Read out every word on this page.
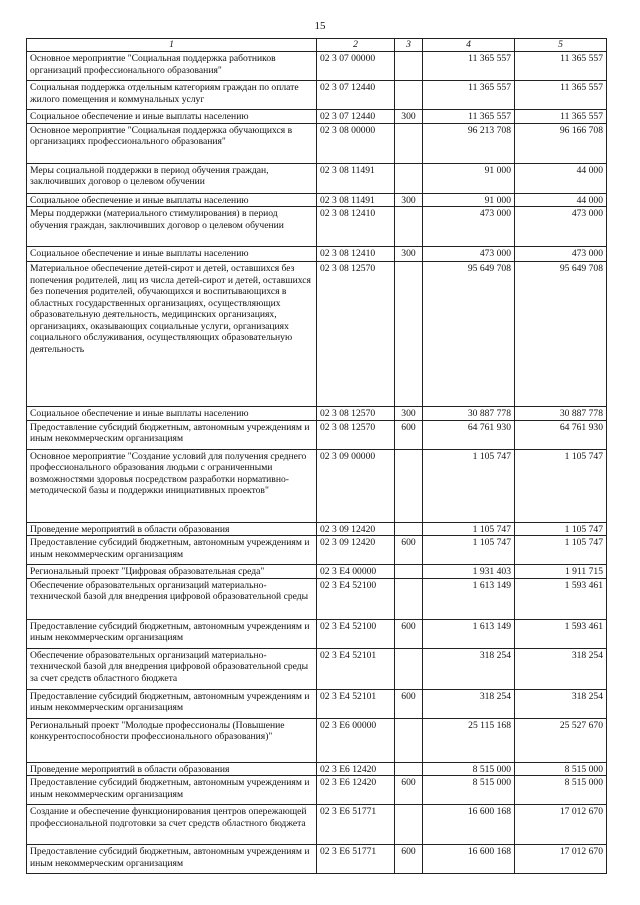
15
1	2	3	4	5
Основное мероприятие "Социальная поддержка работников организаций профессионального образования"	02 3 07 00000		11 365 557	11 365 557
Социальная поддержка отдельным категориям граждан по оплате жилого помещения и коммунальных услуг	02 3 07 12440		11 365 557	11 365 557
Социальное обеспечение и иные выплаты населению	02 3 07 12440	300	11 365 557	11 365 557
Основное мероприятие "Социальная поддержка обучающихся в организациях профессионального образования"	02 3 08 00000		96 213 708	96 166 708
Меры социальной поддержки в период обучения граждан, заключивших договор о целевом обучении	02 3 08 11491		91 000	44 000
Социальное обеспечение и иные выплаты населению	02 3 08 11491	300	91 000	44 000
Меры поддержки (материального стимулирования) в период обучения граждан, заключивших договор о целевом обучении	02 3 08 12410		473 000	473 000
Социальное обеспечение и иные выплаты населению	02 3 08 12410	300	473 000	473 000
Материальное обеспечение детей-сирот и детей, оставшихся без попечения родителей, лиц из числа детей-сирот и детей, оставшихся без попечения родителей, обучающихся и воспитывающихся в областных государственных организациях, осуществляющих образовательную деятельность, медицинских организациях, организациях, оказывающих социальные услуги, организациях социального обслуживания, осуществляющих образовательную деятельность	02 3 08 12570		95 649 708	95 649 708
Социальное обеспечение и иные выплаты населению	02 3 08 12570	300	30 887 778	30 887 778
Предоставление субсидий бюджетным, автономным учреждениям и иным некоммерческим организациям	02 3 08 12570	600	64 761 930	64 761 930
Основное мероприятие "Создание условий для получения среднего профессионального образования людьми с ограниченными возможностями здоровья посредством разработки нормативно-методической базы и поддержки инициативных проектов"	02 3 09 00000		1 105 747	1 105 747
Проведение мероприятий в области образования	02 3 09 12420		1 105 747	1 105 747
Предоставление субсидий бюджетным, автономным учреждениям и иным некоммерческим организациям	02 3 09 12420	600	1 105 747	1 105 747
Региональный проект "Цифровая образовательная среда"	02 3 E4 00000		1 931 403	1 911 715
Обеспечение образовательных организаций материально-технической базой для внедрения цифровой образовательной среды	02 3 E4 52100		1 613 149	1 593 461
Предоставление субсидий бюджетным, автономным учреждениям и иным некоммерческим организациям	02 3 E4 52100	600	1 613 149	1 593 461
Обеспечение образовательных организаций материально-технической базой для внедрения цифровой образовательной среды за счет средств областного бюджета	02 3 E4 52101		318 254	318 254
Предоставление субсидий бюджетным, автономным учреждениям и иным некоммерческим организациям	02 3 E4 52101	600	318 254	318 254
Региональный проект "Молодые профессионалы (Повышение конкурентоспособности профессионального образования)"	02 3 E6 00000		25 115 168	25 527 670
Проведение мероприятий в области образования	02 3 E6 12420		8 515 000	8 515 000
Предоставление субсидий бюджетным, автономным учреждениям и иным некоммерческим организациям	02 3 E6 12420	600	8 515 000	8 515 000
Создание и обеспечение функционирования центров опережающей профессиональной подготовки за счет средств областного бюджета	02 3 E6 51771		16 600 168	17 012 670
Предоставление субсидий бюджетным, автономным учреждениям и иным некоммерческим организациям	02 3 E6 51771	600	16 600 168	17 012 670
